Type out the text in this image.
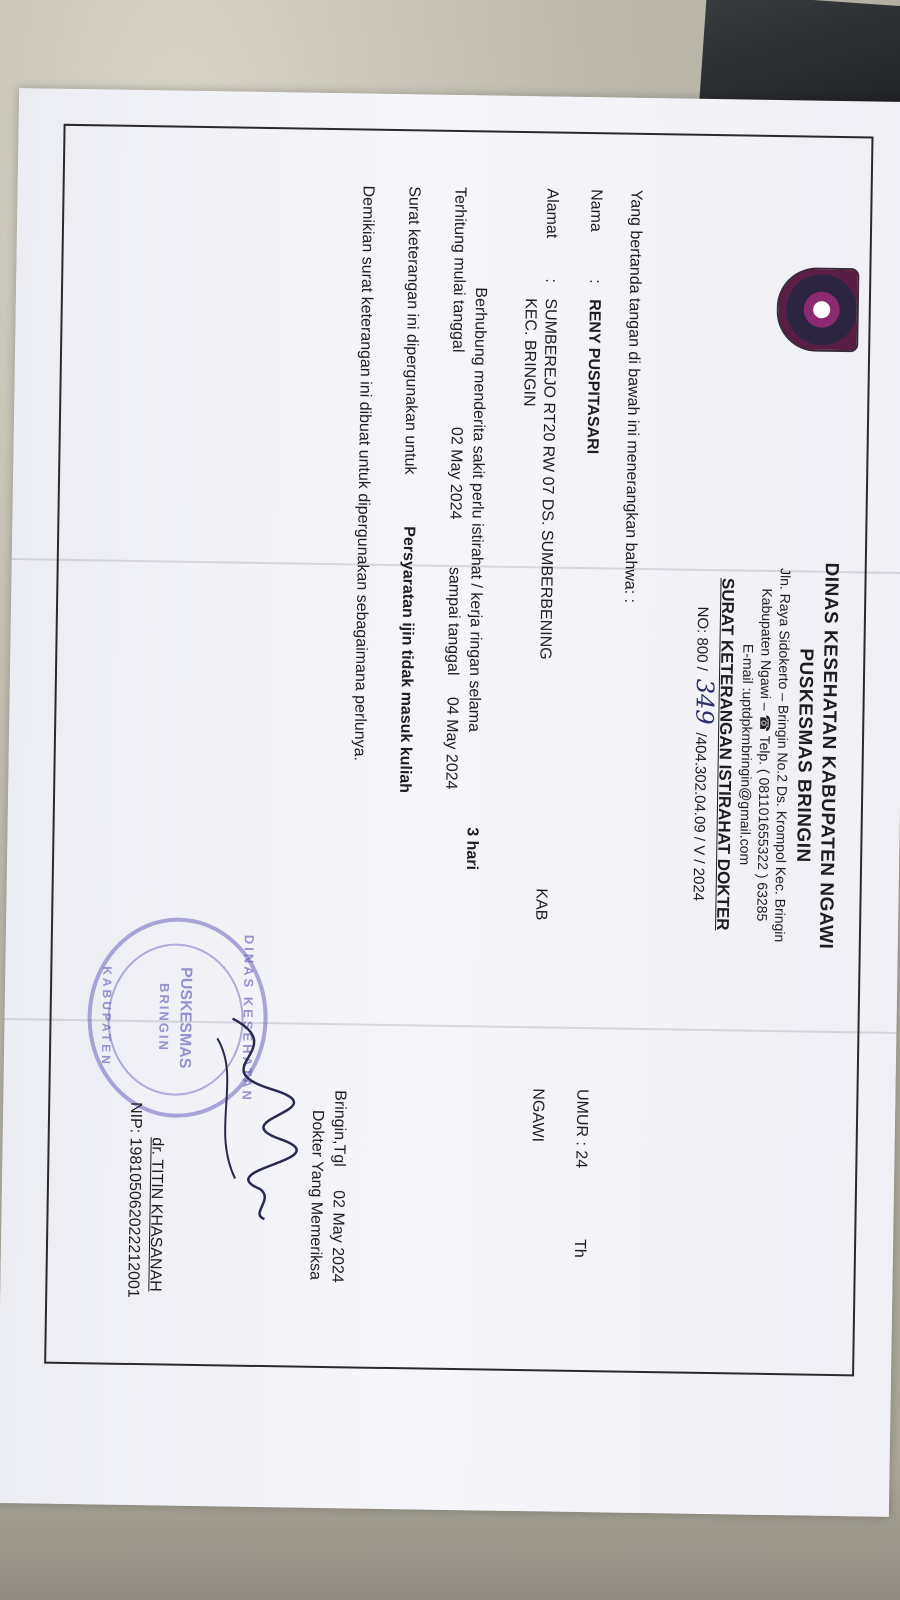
DINAS KESEHATAN KABUPATEN NGAWI

PUSKESMAS BRINGIN

Jln. Raya Sidokerto – Bringin No.2 Ds. Krompol Kec. Bringin

Kabupaten Ngawi – ☎ Telp. ( 081101655322 ) 63285

E-mail :uptdpkmbringin@gmail.com

SURAT KETERANGAN ISTIRAHAT DOKTER

NO: 800 /349/404.302.04.09 / V / 2024

Yang bertanda tangan di bawah ini menerangkan bahwa: :
Nama
:
RENY PUSPITASARI
UMUR : 24
Th
Alamat
:
SUMBEREJO RT20 RW 07 DS. SUMBERBENING
KAB
NGAWI
KEC. BRINGIN
Berhubung menderita sakit perlu istirahat / kerja ringan selama
3 hari
Terhitung mulai tanggal
02 May 2024
sampai tanggal
04 May 2024
Surat keterangan ini dipergunakan untuk
Persyaratan ijin tidak masuk kuliah
Demikian surat keterangan ini dibuat untuk dipergunakan sebagaimana perlunya.
DINAS KESEHATAN
PUSKESMAS
BRINGIN
KABUPATEN
Bringin,Tgl
02 May 2024
Dokter Yang Memeriksa
dr. TITIN KHASANAH
NIP: 198105062022212001
